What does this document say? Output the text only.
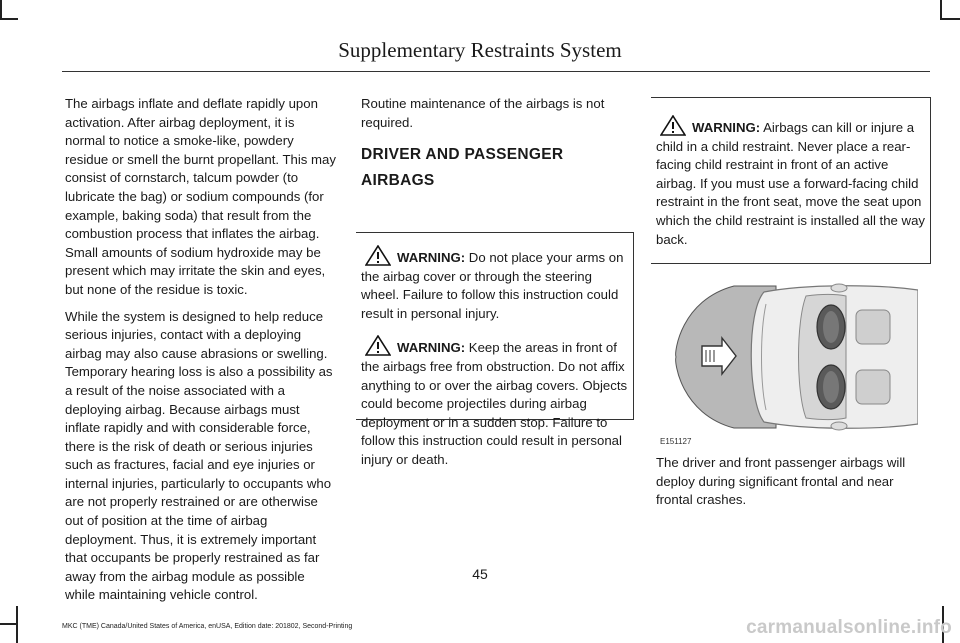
Supplementary Restraints System

The airbags inflate and deflate rapidly upon activation. After airbag deployment, it is normal to notice a smoke-like, powdery residue or smell the burnt propellant. This may consist of cornstarch, talcum powder (to lubricate the bag) or sodium compounds (for example, baking soda) that result from the combustion process that inflates the airbag. Small amounts of sodium hydroxide may be present which may irritate the skin and eyes, but none of the residue is toxic.

While the system is designed to help reduce serious injuries, contact with a deploying airbag may also cause abrasions or swelling. Temporary hearing loss is also a possibility as a result of the noise associated with a deploying airbag. Because airbags must inflate rapidly and with considerable force, there is the risk of death or serious injuries such as fractures, facial and eye injuries or internal injuries, particularly to occupants who are not properly restrained or are otherwise out of position at the time of airbag deployment. Thus, it is extremely important that occupants be properly restrained as far away from the airbag module as possible while maintaining vehicle control.

Routine maintenance of the airbags is not required.

DRIVER AND PASSENGER
AIRBAGS

WARNING: Do not place your arms on the airbag cover or through the steering wheel. Failure to follow this instruction could result in personal injury.

WARNING: Keep the areas in front of the airbags free from obstruction. Do not affix anything to or over the airbag covers. Objects could become projectiles during airbag deployment or in a sudden stop. Failure to follow this instruction could result in personal injury or death.

WARNING: Airbags can kill or injure a child in a child restraint. Never place a rear-facing child restraint in front of an active airbag. If you must use a forward-facing child restraint in the front seat, move the seat upon which the child restraint is installed all the way back.

E151127

The driver and front passenger airbags will deploy during significant frontal and near frontal crashes.

45
MKC (TME) Canada/United States of America, enUSA, Edition date: 201802, Second-Printing	carmanualsonline.info
